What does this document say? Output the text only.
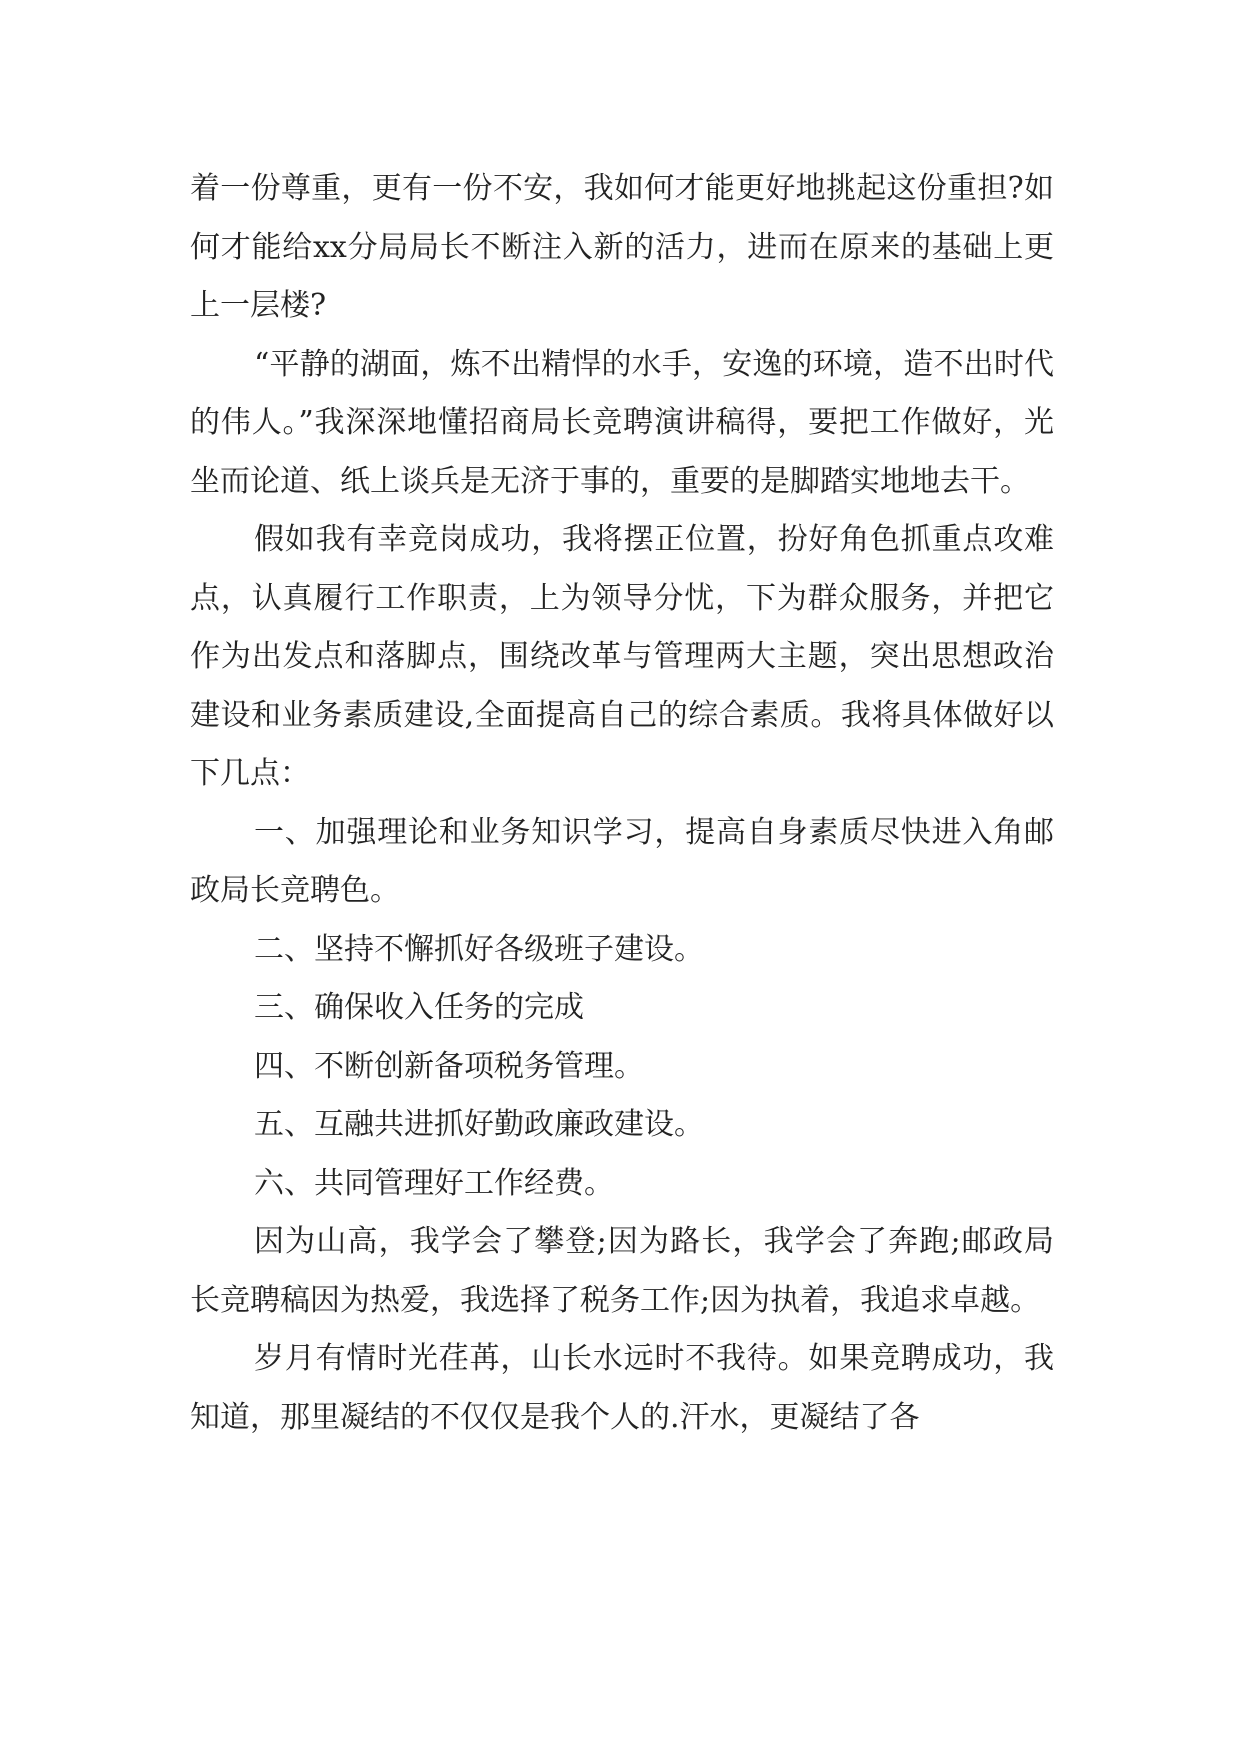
着一份尊重，更有一份不安，我如何才能更好地挑起这份重担?如何才能给xx分局局长不断注入新的活力，进而在原来的基础上更上一层楼?

“平静的湖面，炼不出精悍的水手，安逸的环境，造不出时代的伟人。”我深深地懂招商局长竞聘演讲稿得，要把工作做好，光坐而论道、纸上谈兵是无济于事的，重要的是脚踏实地地去干。

假如我有幸竞岗成功，我将摆正位置，扮好角色抓重点攻难点，认真履行工作职责，上为领导分忧，下为群众服务，并把它作为出发点和落脚点，围绕改革与管理两大主题，突出思想政治建设和业务素质建设,全面提高自己的综合素质。我将具体做好以下几点：

一、加强理论和业务知识学习，提高自身素质尽快进入角邮政局长竞聘色。

二、坚持不懈抓好各级班子建设。

三、确保收入任务的完成

四、不断创新备项税务管理。

五、互融共进抓好勤政廉政建设。

六、共同管理好工作经费。

因为山高，我学会了攀登;因为路长，我学会了奔跑;邮政局长竞聘稿因为热爱，我选择了税务工作;因为执着，我追求卓越。

岁月有情时光荏苒，山长水远时不我待。如果竞聘成功，我知道，那里凝结的不仅仅是我个人的.汗水，更凝结了各
